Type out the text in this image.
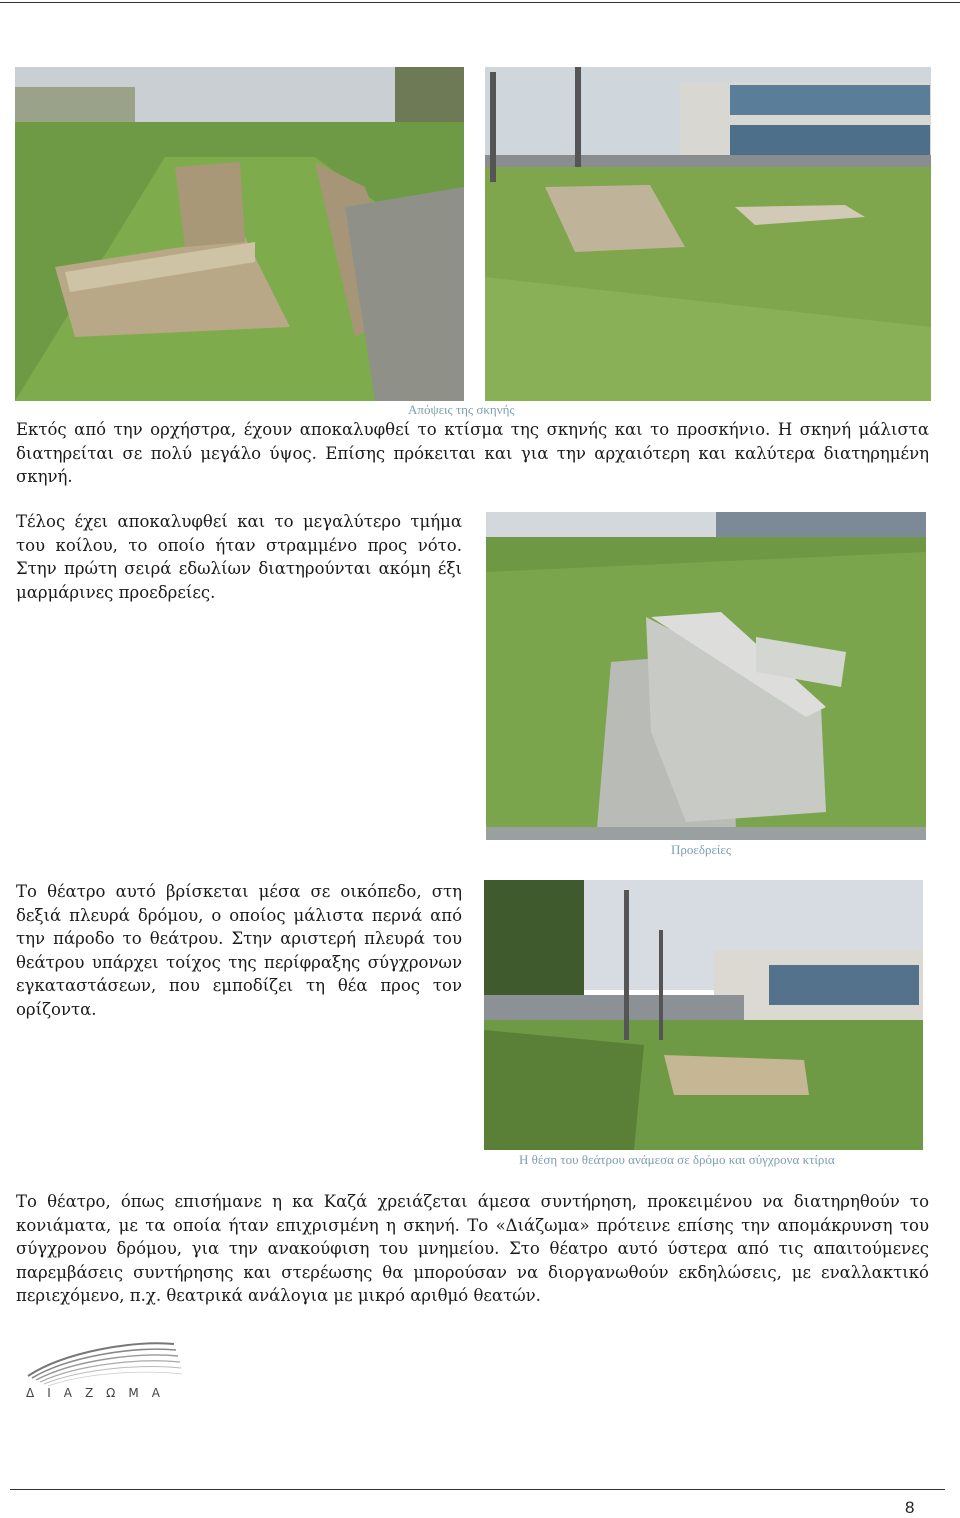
Απόψεις της σκηνής

Εκτός από την ορχήστρα, έχουν αποκαλυφθεί το κτίσμα της σκηνής και το προσκήνιο. Η σκηνή μάλιστα διατηρείται σε πολύ μεγάλο ύψος. Επίσης πρόκειται και για την αρχαιότερη και καλύτερα διατηρημένη σκηνή.

Τέλος έχει αποκαλυφθεί και το μεγαλύτερο τμήμα του κοίλου, το οποίο ήταν στραμμένο προς νότο. Στην πρώτη σειρά εδωλίων διατηρούνται ακόμη έξι μαρμάρινες προεδρείες.

Προεδρείες

Το θέατρο αυτό βρίσκεται μέσα σε οικόπεδο, στη δεξιά πλευρά δρόμου, ο οποίος μάλιστα περνά από την πάροδο το θεάτρου. Στην αριστερή πλευρά του θεάτρου υπάρχει τοίχος της περίφραξης σύγχρονων εγκαταστάσεων, που εμποδίζει τη θέα προς τον ορίζοντα.

Η θέση του θεάτρου ανάμεσα σε δρόμο και σύγχρονα κτίρια

Το θέατρο, όπως επισήμανε η κα Καζά χρειάζεται άμεσα συντήρηση, προκειμένου να διατηρηθούν το κονιάματα, με τα οποία ήταν επιχρισμένη η σκηνή. Το «Διάζωμα» πρότεινε επίσης την απομάκρυνση του σύγχρονου δρόμου, για την ανακούφιση του μνημείου. Στο θέατρο αυτό ύστερα από τις απαιτούμενες παρεμβάσεις συντήρησης και στερέωσης θα μπορούσαν να διοργανωθούν εκδηλώσεις, με εναλλακτικό περιεχόμενο, π.χ. θεατρικά ανάλογια με μικρό αριθμό θεατών.

ΔΙΑΖΩΜΑ
8
